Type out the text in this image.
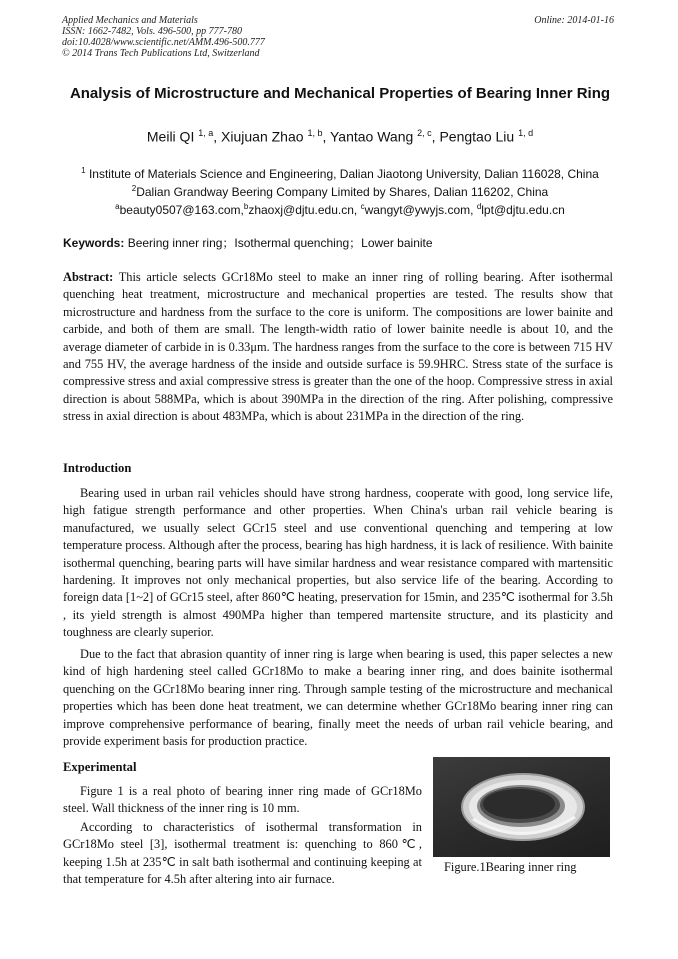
Applied Mechanics and Materials
ISSN: 1662-7482, Vols. 496-500, pp 777-780
doi:10.4028/www.scientific.net/AMM.496-500.777
© 2014 Trans Tech Publications Ltd, Switzerland
Online: 2014-01-16
Analysis of Microstructure and Mechanical Properties of Bearing Inner Ring
Meili QI $^{1, a}$, Xiujuan Zhao $^{1, b}$, Yantao Wang $^{2, c}$, Pengtao Liu $^{1, d}$
$^1$ Institute of Materials Science and Engineering, Dalian Jiaotong University, Dalian 116028, China
$^2$Dalian Grandway Beering Company Limited by Shares, Dalian 116202, China
$^a$beauty0507@163.com,$^b$zhaoxj@djtu.edu.cn, $^c$wangyt@ywyjs.com, $^d$lpt@djtu.edu.cn
Keywords: Beering inner ring；Isothermal quenching；Lower bainite
Abstract: This article selects GCr18Mo steel to make an inner ring of rolling bearing. After isothermal quenching heat treatment, microstructure and mechanical properties are tested. The results show that microstructure and hardness from the surface to the core is uniform. The compositions are lower bainite and carbide, and both of them are small. The length-width ratio of lower bainite needle is about 10, and the average diameter of carbide in is 0.33μm. The hardness ranges from the surface to the core is between 715 HV and 755 HV, the average hardness of the inside and outside surface is 59.9HRC. Stress state of the surface is compressive stress and axial compressive stress is greater than the one of the hoop. Compressive stress in axial direction is about 588MPa, which is about 390MPa in the direction of the ring. After polishing, compressive stress in axial direction is about 483MPa, which is about 231MPa in the direction of the ring.
Introduction
Bearing used in urban rail vehicles should have strong hardness, cooperate with good, long service life, high fatigue strength performance and other properties. When China's urban rail vehicle bearing is manufactured, we usually select GCr15 steel and use conventional quenching and tempering at low temperature process. Although after the process, bearing has high hardness, it is lack of resilience. With bainite isothermal quenching, bearing parts will have similar hardness and wear resistance compared with martensitic hardening. It improves not only mechanical properties, but also service life of the bearing. According to foreign data [1~2] of GCr15 steel, after 860℃ heating, preservation for 15min, and 235℃ isothermal for 3.5h , its yield strength is almost 490MPa higher than tempered martensite structure, and its plasticity and toughness are clearly superior.
Due to the fact that abrasion quantity of inner ring is large when bearing is used, this paper selectes a new kind of high hardening steel called GCr18Mo to make a bearing inner ring, and does bainite isothermal quenching on the GCr18Mo bearing inner ring. Through sample testing of the microstructure and mechanical properties which has been done heat treatment, we can determine whether GCr18Mo bearing inner ring can improve comprehensive performance of bearing, finally meet the needs of urban rail vehicle bearing, and provide experiment basis for production practice.
Experimental
Figure 1 is a real photo of bearing inner ring made of GCr18Mo steel. Wall thickness of the inner ring is 10 mm.
According to characteristics of isothermal transformation in GCr18Mo steel [3], isothermal treatment is: quenching to 860℃, keeping 1.5h at 235℃ in salt bath isothermal and continuing keeping at that temperature for 4.5h after altering into air furnace.
Figure.1Bearing inner ring
